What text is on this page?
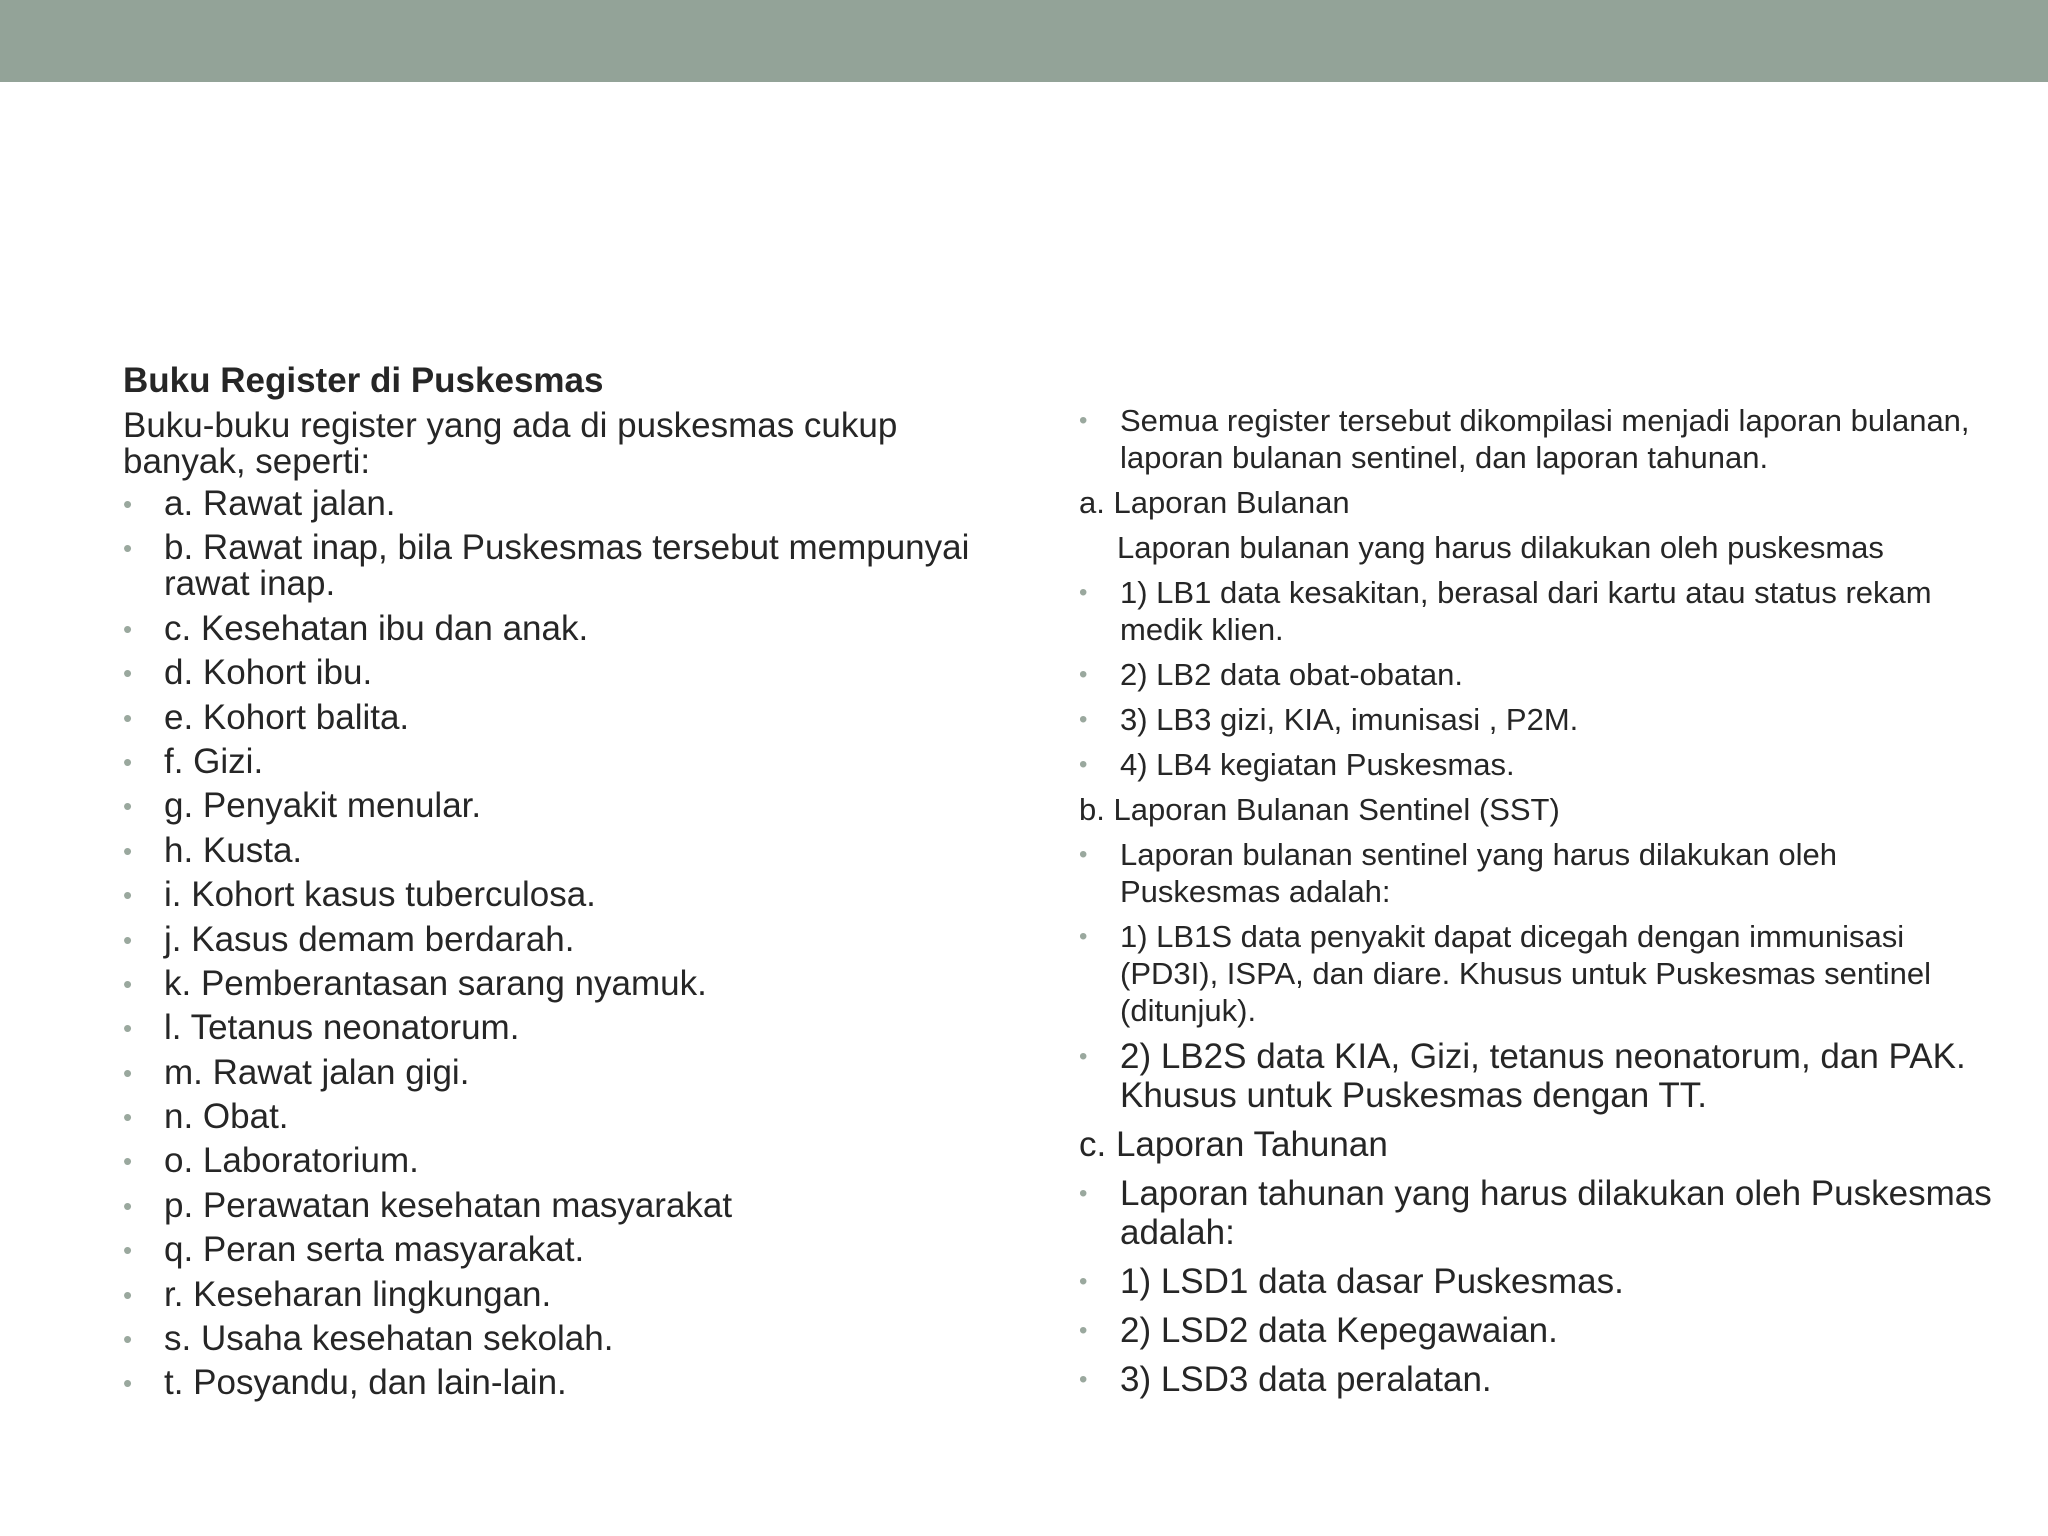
Buku Register di Puskesmas
Buku-buku register yang ada di puskesmas cukup banyak, seperti:
• a. Rawat jalan.
• b. Rawat inap, bila Puskesmas tersebut mempunyai rawat inap.
• c. Kesehatan ibu dan anak.
• d. Kohort ibu.
• e. Kohort balita.
• f. Gizi.
• g. Penyakit menular.
• h. Kusta.
• i. Kohort kasus tuberculosa.
• j. Kasus demam berdarah.
• k. Pemberantasan sarang nyamuk.
• l. Tetanus neonatorum.
• m. Rawat jalan gigi.
• n. Obat.
• o. Laboratorium.
• p. Perawatan kesehatan masyarakat
• q. Peran serta masyarakat.
• r. Keseharan lingkungan.
• s. Usaha kesehatan sekolah.
• t. Posyandu, dan lain-lain.
• Semua register tersebut dikompilasi menjadi laporan bulanan, laporan bulanan sentinel, dan laporan tahunan.
a. Laporan Bulanan
Laporan bulanan yang harus dilakukan oleh puskesmas
• 1) LB1 data kesakitan, berasal dari kartu atau status rekam medik klien.
• 2) LB2 data obat-obatan.
• 3) LB3 gizi, KIA, imunisasi , P2M.
• 4) LB4 kegiatan Puskesmas.
b. Laporan Bulanan Sentinel (SST)
• Laporan bulanan sentinel yang harus dilakukan oleh Puskesmas adalah:
• 1) LB1S data penyakit dapat dicegah dengan immunisasi (PD3I), ISPA, dan diare. Khusus untuk Puskesmas sentinel (ditunjuk).
• 2) LB2S data KIA, Gizi, tetanus neonatorum, dan PAK. Khusus untuk Puskesmas dengan TT.
c. Laporan Tahunan
• Laporan tahunan yang harus dilakukan oleh Puskesmas adalah:
• 1) LSD1 data dasar Puskesmas.
• 2) LSD2 data Kepegawaian.
• 3) LSD3 data peralatan.
